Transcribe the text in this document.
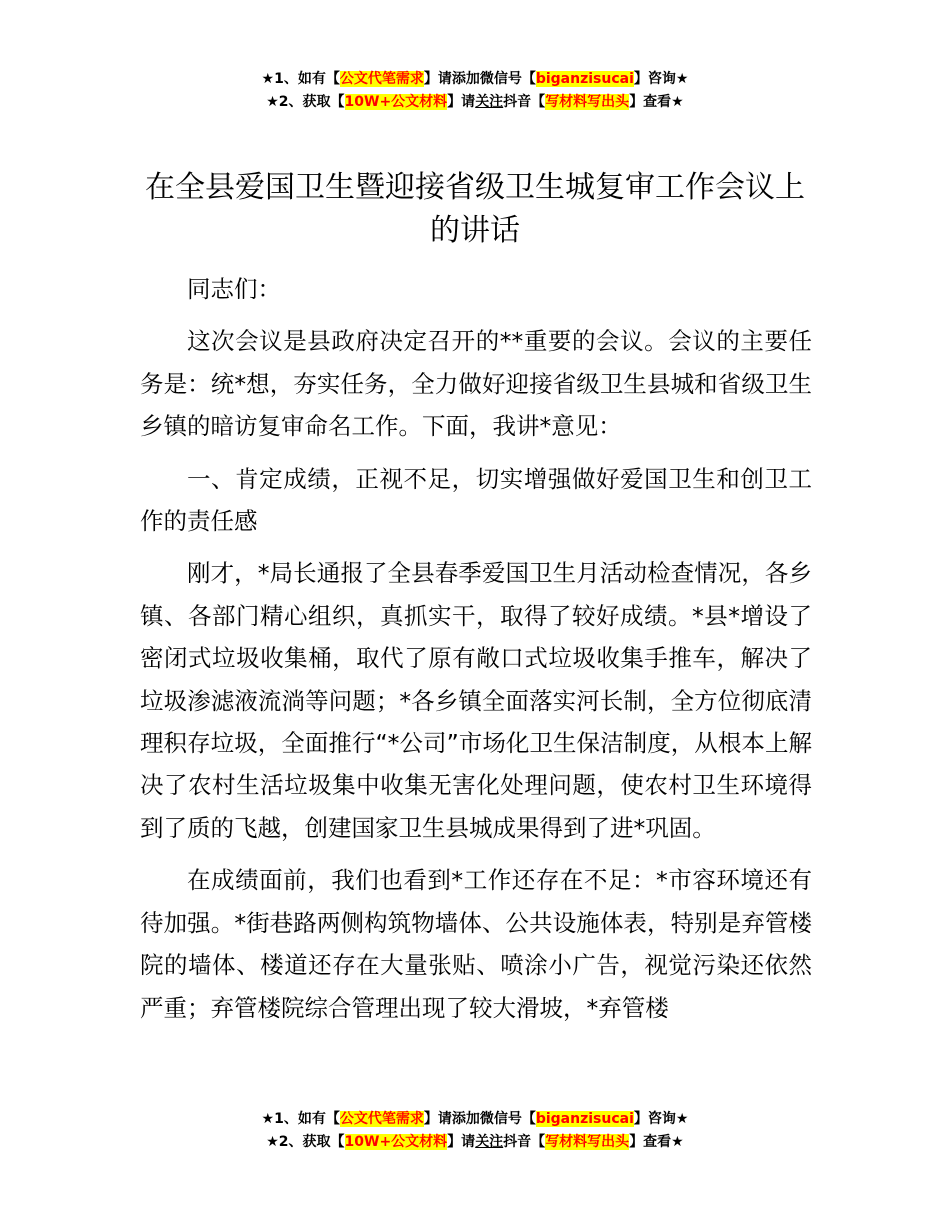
★1、如有【公文代笔需求】请添加微信号【biganzisucai】咨询★
★2、获取【10W+公文材料】请关注抖音【写材料写出头】查看★
在全县爱国卫生暨迎接省级卫生城复审工作会议上的讲话

同志们：

这次会议是县政府决定召开的**重要的会议。会议的主要任务是：统*想，夯实任务，全力做好迎接省级卫生县城和省级卫生乡镇的暗访复审命名工作。下面，我讲*意见：

一、肯定成绩，正视不足，切实增强做好爱国卫生和创卫工作的责任感

刚才，*局长通报了全县春季爱国卫生月活动检查情况，各乡镇、各部门精心组织，真抓实干，取得了较好成绩。*县*增设了密闭式垃圾收集桶，取代了原有敞口式垃圾收集手推车，解决了垃圾渗滤液流淌等问题；*各乡镇全面落实河长制，全方位彻底清理积存垃圾，全面推行“*公司”市场化卫生保洁制度，从根本上解决了农村生活垃圾集中收集无害化处理问题，使农村卫生环境得到了质的飞越，创建国家卫生县城成果得到了进*巩固。

在成绩面前，我们也看到*工作还存在不足：*市容环境还有待加强。*街巷路两侧构筑物墙体、公共设施体表，特别是弃管楼院的墙体、楼道还存在大量张贴、喷涂小广告，视觉污染还依然严重；弃管楼院综合管理出现了较大滑坡，*弃管楼

★1、如有【公文代笔需求】请添加微信号【biganzisucai】咨询★
★2、获取【10W+公文材料】请关注抖音【写材料写出头】查看★
